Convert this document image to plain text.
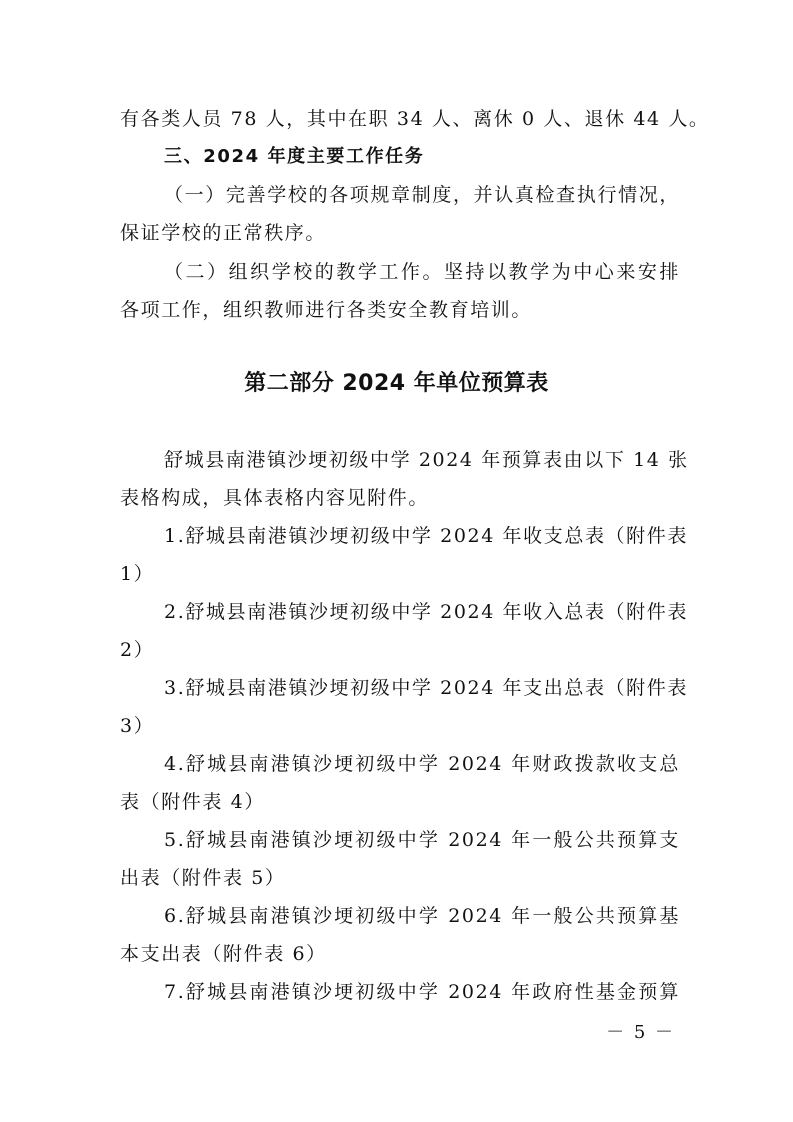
有各类人员 78 人，其中在职 34 人、离休 0 人、退休 44 人。
三、2024 年度主要工作任务
（一）完善学校的各项规章制度，并认真检查执行情况，
保证学校的正常秩序。
（二）组织学校的教学工作。坚持以教学为中心来安排
各项工作，组织教师进行各类安全教育培训。
第二部分 2024 年单位预算表
舒城县南港镇沙埂初级中学 2024 年预算表由以下 14 张
表格构成，具体表格内容见附件。
1.舒城县南港镇沙埂初级中学 2024 年收支总表（附件表
1）
2.舒城县南港镇沙埂初级中学 2024 年收入总表（附件表
2）
3.舒城县南港镇沙埂初级中学 2024 年支出总表（附件表
3）
4.舒城县南港镇沙埂初级中学 2024 年财政拨款收支总
表（附件表 4）
5.舒城县南港镇沙埂初级中学 2024 年一般公共预算支
出表（附件表 5）
6.舒城县南港镇沙埂初级中学 2024 年一般公共预算基
本支出表（附件表 6）
7.舒城县南港镇沙埂初级中学 2024 年政府性基金预算
－ 5 －
